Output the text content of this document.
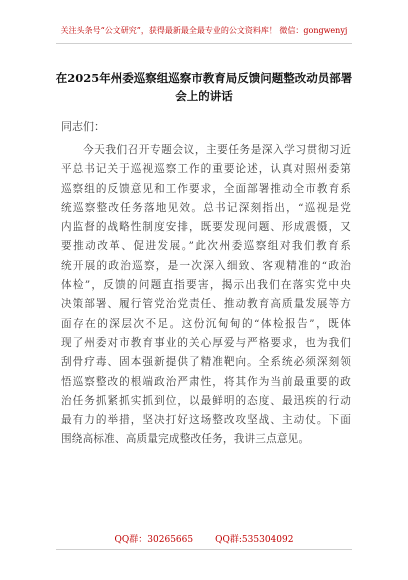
关注头条号“公文研究”，获得最新最全最专业的公文资料库！ 微信：gongwenyj
在2025年州委巡察组巡察市教育局反馈问题整改动员部署会上的讲话
同志们：
今天我们召开专题会议，主要任务是深入学习贯彻习近
平总书记关于巡视巡察工作的重要论述，认真对照州委第
巡察组的反馈意见和工作要求，全面部署推动全市教育系
统巡察整改任务落地见效。总书记深刻指出，“巡视是党
内监督的战略性制度安排，既要发现问题、形成震慑，又
要推动改革、促进发展。”此次州委巡察组对我们教育系
统开展的政治巡察，是一次深入细致、客观精准的“政治
体检”，反馈的问题直指要害，揭示出我们在落实党中央
决策部署、履行管党治党责任、推动教育高质量发展等方
面存在的深层次不足。这份沉甸甸的“体检报告”，既体
现了州委对市教育事业的关心厚爱与严格要求，也为我们
刮骨疗毒、固本强新提供了精准靶向。全系统必须深刻领
悟巡察整改的根端政治严肃性，将其作为当前最重要的政
治任务抓紧抓实抓到位，以最鲜明的态度、最迅疾的行动
最有力的举措，坚决打好这场整改攻坚战、主动仗。下面
围绕高标准、高质量完成整改任务，我讲三点意见。
QQ群：30265665 QQ群:535304092
